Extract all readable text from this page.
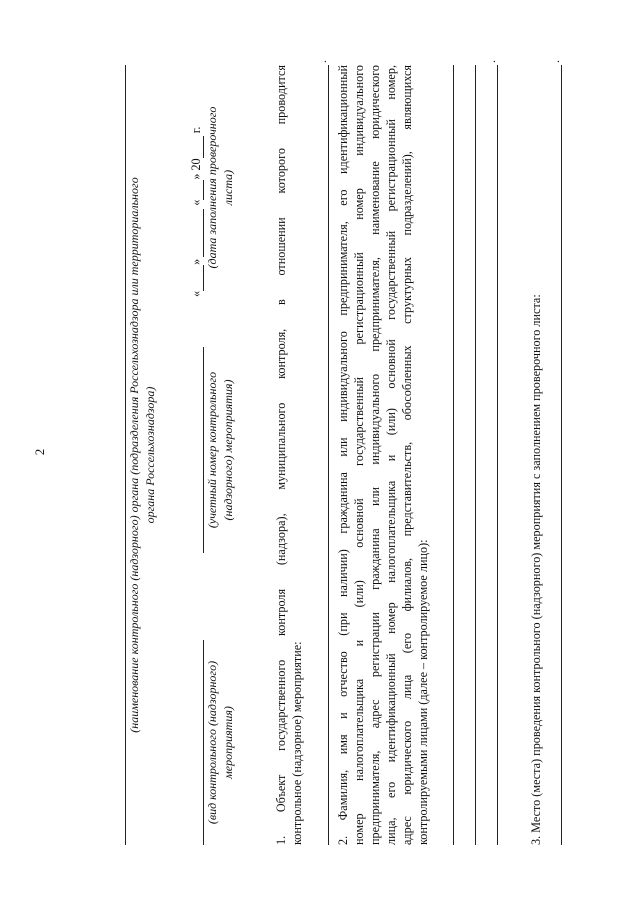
2	(наименование контрольного (надзорного) органа (подразделения Россельхознадзора или территориального органа Россельхознадзора)
(вид контрольного (надзорного) мероприятия)
(учетный номер контрольного (надзорного) мероприятия)
«» «» 20 г. (дата заполнения проверочного листа)	1. Объект государственного контроля (надзора), муниципального контроля, в отношении которого проводится контрольное (надзорное) мероприятие:
.
2. Фамилия, имя и отчество (при наличии) гражданина или индивидуального предпринимателя, его идентификационный номер налогоплательщика и (или) основной государственный регистрационный номер индивидуального предпринимателя, адрес регистрации гражданина или индивидуального предпринимателя, наименование юридического лица, его идентификационный номер налогоплательщика и (или) основной государственный регистрационный номер, адрес юридического лица (его филиалов, представительств, обособленных структурных подразделений), являющихся контролируемыми лицами (далее – контролируемое лицо):
.
3. Место (места) проведения контрольного (надзорного) мероприятия с заполнением проверочного листа:
.
